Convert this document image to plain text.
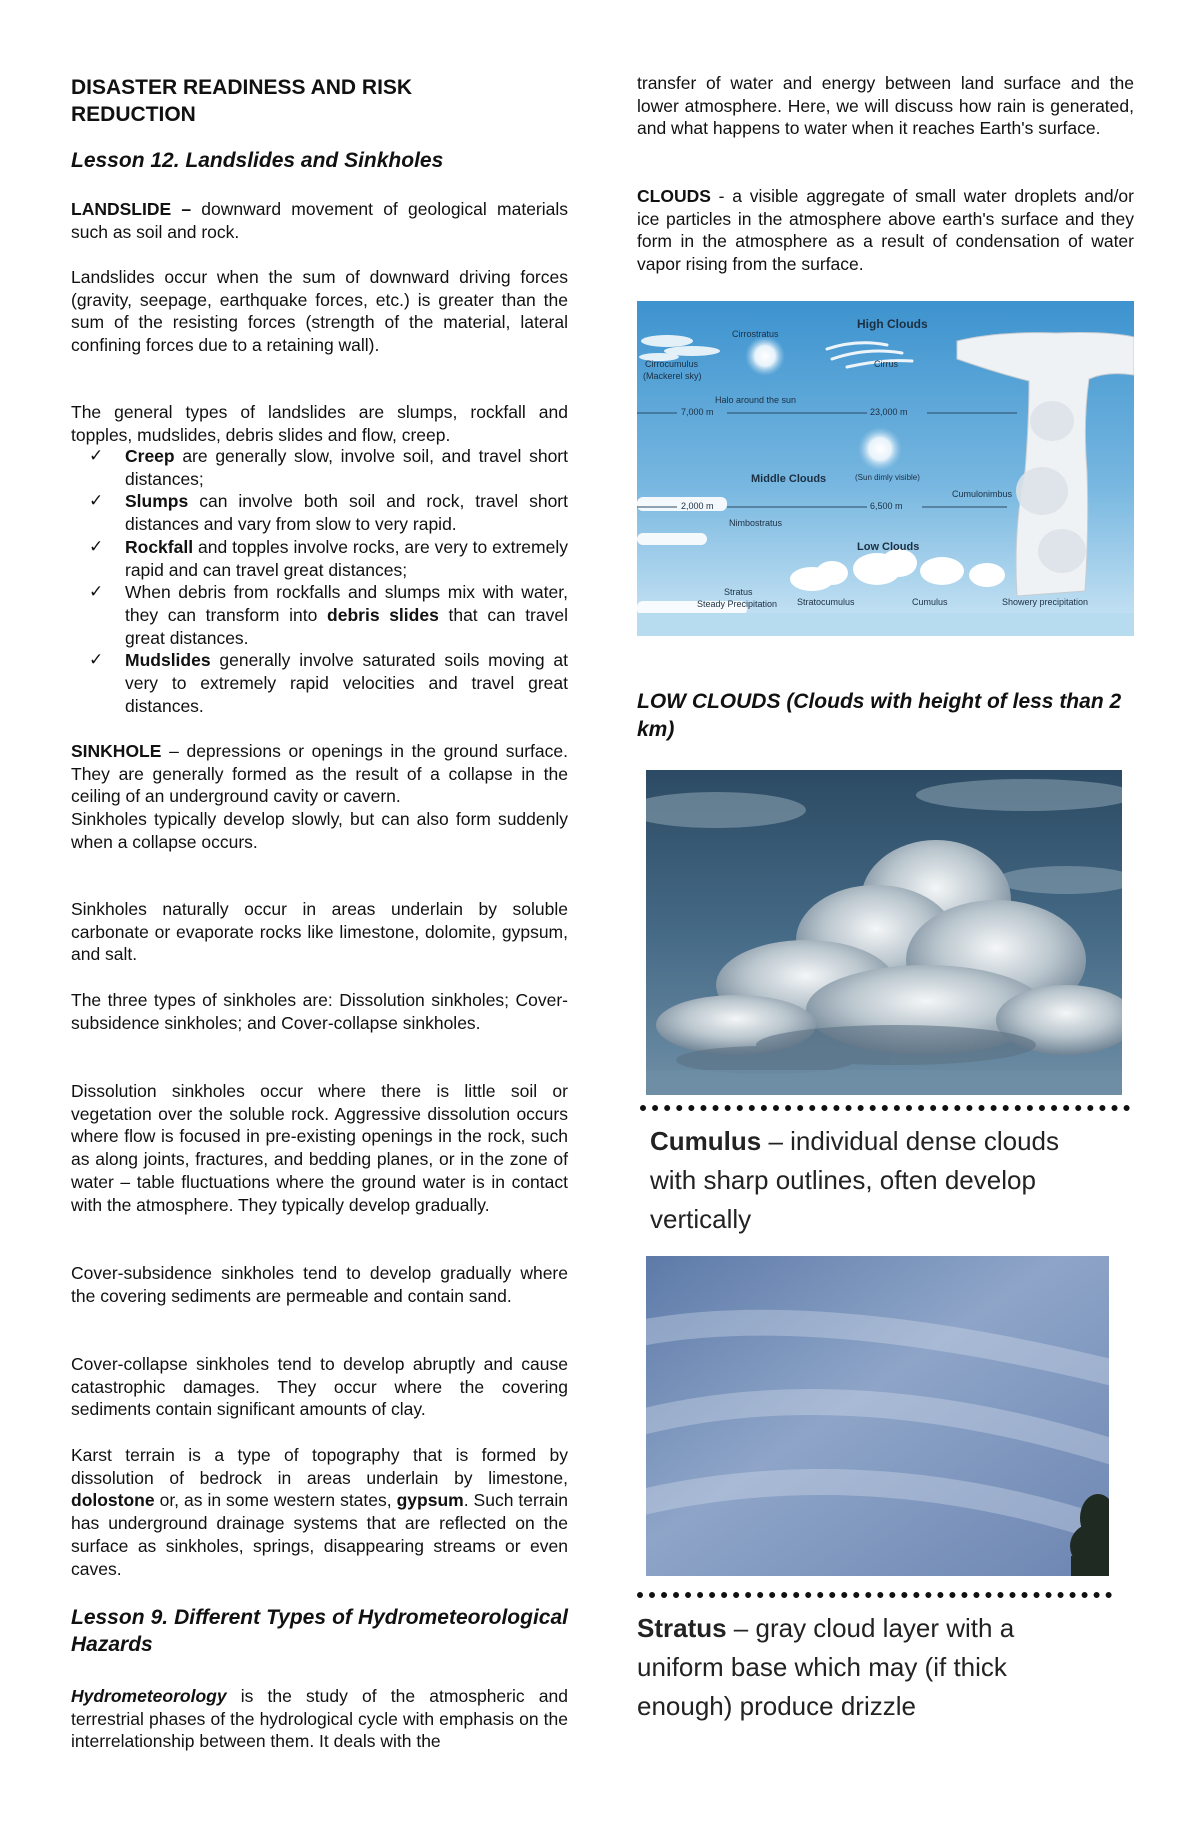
DISASTER READINESS AND RISK REDUCTION
Lesson 12. Landslides and Sinkholes

LANDSLIDE – downward movement of geological materials such as soil and rock.

Landslides occur when the sum of downward driving forces (gravity, seepage, earthquake forces, etc.) is greater than the sum of the resisting forces (strength of the material, lateral confining forces due to a retaining wall).

The general types of landslides are slumps, rockfall and topples, mudslides, debris slides and flow, creep.

✓ Creep are generally slow, involve soil, and travel short distances;
✓ Slumps can involve both soil and rock, travel short distances and vary from slow to very rapid.
✓ Rockfall and topples involve rocks, are very to extremely rapid and can travel great distances;
✓ When debris from rockfalls and slumps mix with water, they can transform into debris slides that can travel great distances.
✓ Mudslides generally involve saturated soils moving at very to extremely rapid velocities and travel great distances.

SINKHOLE – depressions or openings in the ground surface. They are generally formed as the result of a collapse in the ceiling of an underground cavity or cavern.
Sinkholes typically develop slowly, but can also form suddenly when a collapse occurs.

Sinkholes naturally occur in areas underlain by soluble carbonate or evaporate rocks like limestone, dolomite, gypsum, and salt.

The three types of sinkholes are: Dissolution sinkholes; Cover-subsidence sinkholes; and Cover-collapse sinkholes.

Dissolution sinkholes occur where there is little soil or vegetation over the soluble rock. Aggressive dissolution occurs where flow is focused in pre-existing openings in the rock, such as along joints, fractures, and bedding planes, or in the zone of water – table fluctuations where the ground water is in contact with the atmosphere. They typically develop gradually.

Cover-subsidence sinkholes tend to develop gradually where the covering sediments are permeable and contain sand.

Cover-collapse sinkholes tend to develop abruptly and cause catastrophic damages. They occur where the covering sediments contain significant amounts of clay.

Karst terrain is a type of topography that is formed by dissolution of bedrock in areas underlain by limestone, dolostone or, as in some western states, gypsum. Such terrain has underground drainage systems that are reflected on the surface as sinkholes, springs, disappearing streams or even caves.

Lesson 9. Different Types of Hydrometeorological Hazards

Hydrometeorology is the study of the atmospheric and terrestrial phases of the hydrological cycle with emphasis on the interrelationship between them. It deals with the

transfer of water and energy between land surface and the lower atmosphere. Here, we will discuss how rain is generated, and what happens to water when it reaches Earth's surface.

CLOUDS - a visible aggregate of small water droplets and/or ice particles in the atmosphere above earth's surface and they form in the atmosphere as a result of condensation of water vapor rising from the surface.

High Clouds
Cirrostratus
Cirrocumulus
(Mackerel sky)
Cirrus
Halo around the sun
7,000 m	23,000 m
Middle Clouds	(Sun dimly visible)
Cumulonimbus
2,000 m	6,500 m
Nimbostratus
Low Clouds
Stratus
Steady Precipitation Stratocumulus	Cumulus	Showery precipitation
LOW CLOUDS (Clouds with height of less than 2 km)
Cumulus – individual dense clouds with sharp outlines, often develop vertically
Stratus – gray cloud layer with a uniform base which may (if thick enough) produce drizzle
